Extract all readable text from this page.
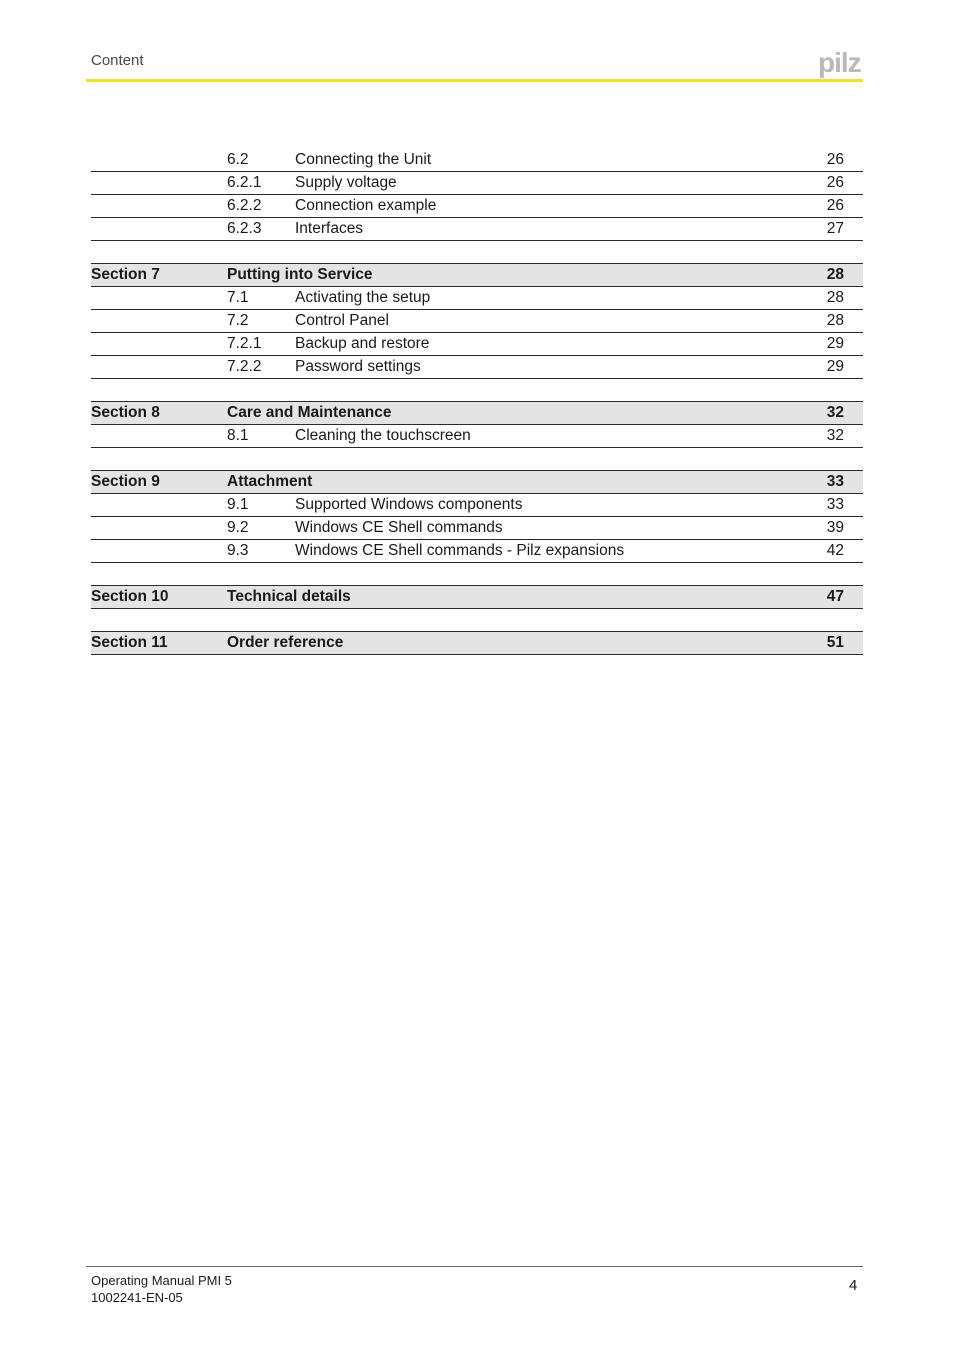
Content	pilz
6.2	Connecting the Unit	26
6.2.1 Supply voltage	26
6.2.2 Connection example	26
6.2.3 Interfaces	27
Section 7	Putting into Service	28
7.1	Activating the setup	28
7.2	Control Panel	28
7.2.1 Backup and restore	29
7.2.2 Password settings	29
Section 8	Care and Maintenance	32
8.1	Cleaning the touchscreen	32
Section 9	Attachment	33
9.1	Supported Windows components	33
9.2	Windows CE Shell commands	39
9.3	Windows CE Shell commands - Pilz expansions	42
Section 10	Technical details	47
Section 11	Order reference	51
Operating Manual PMI 5
1002241-EN-05
4
